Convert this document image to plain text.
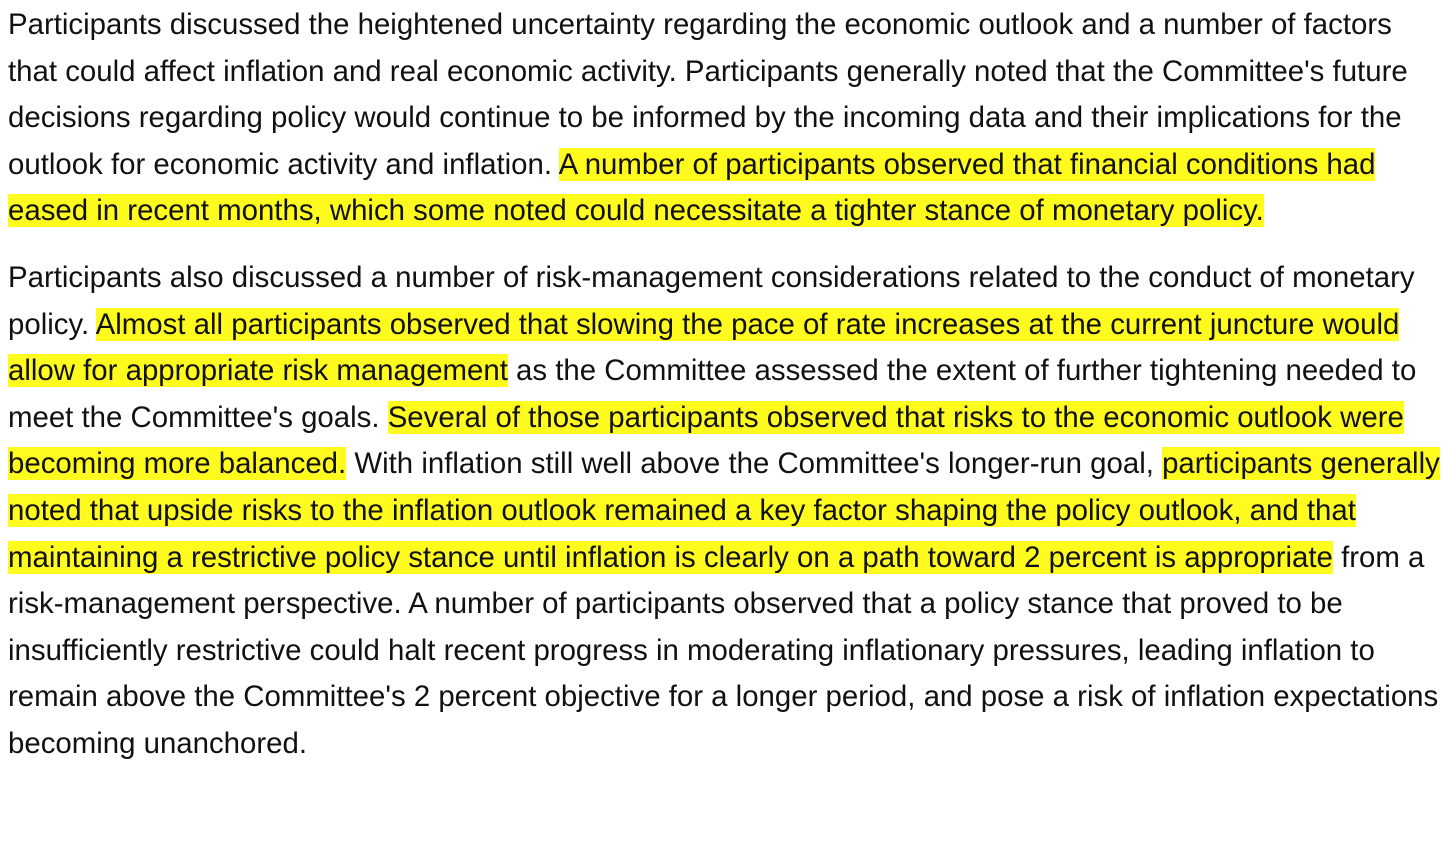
Participants discussed the heightened uncertainty regarding the economic outlook and a number of factors that could affect inflation and real economic activity. Participants generally noted that the Committee's future decisions regarding policy would continue to be informed by the incoming data and their implications for the outlook for economic activity and inflation. A number of participants observed that financial conditions had eased in recent months, which some noted could necessitate a tighter stance of monetary policy.

Participants also discussed a number of risk-management considerations related to the conduct of monetary policy. Almost all participants observed that slowing the pace of rate increases at the current juncture would allow for appropriate risk management as the Committee assessed the extent of further tightening needed to meet the Committee's goals. Several of those participants observed that risks to the economic outlook were becoming more balanced. With inflation still well above the Committee's longer-run goal, participants generally noted that upside risks to the inflation outlook remained a key factor shaping the policy outlook, and that maintaining a restrictive policy stance until inflation is clearly on a path toward 2 percent is appropriate from a risk-management perspective. A number of participants observed that a policy stance that proved to be insufficiently restrictive could halt recent progress in moderating inflationary pressures, leading inflation to remain above the Committee's 2 percent objective for a longer period, and pose a risk of inflation expectations becoming unanchored.
